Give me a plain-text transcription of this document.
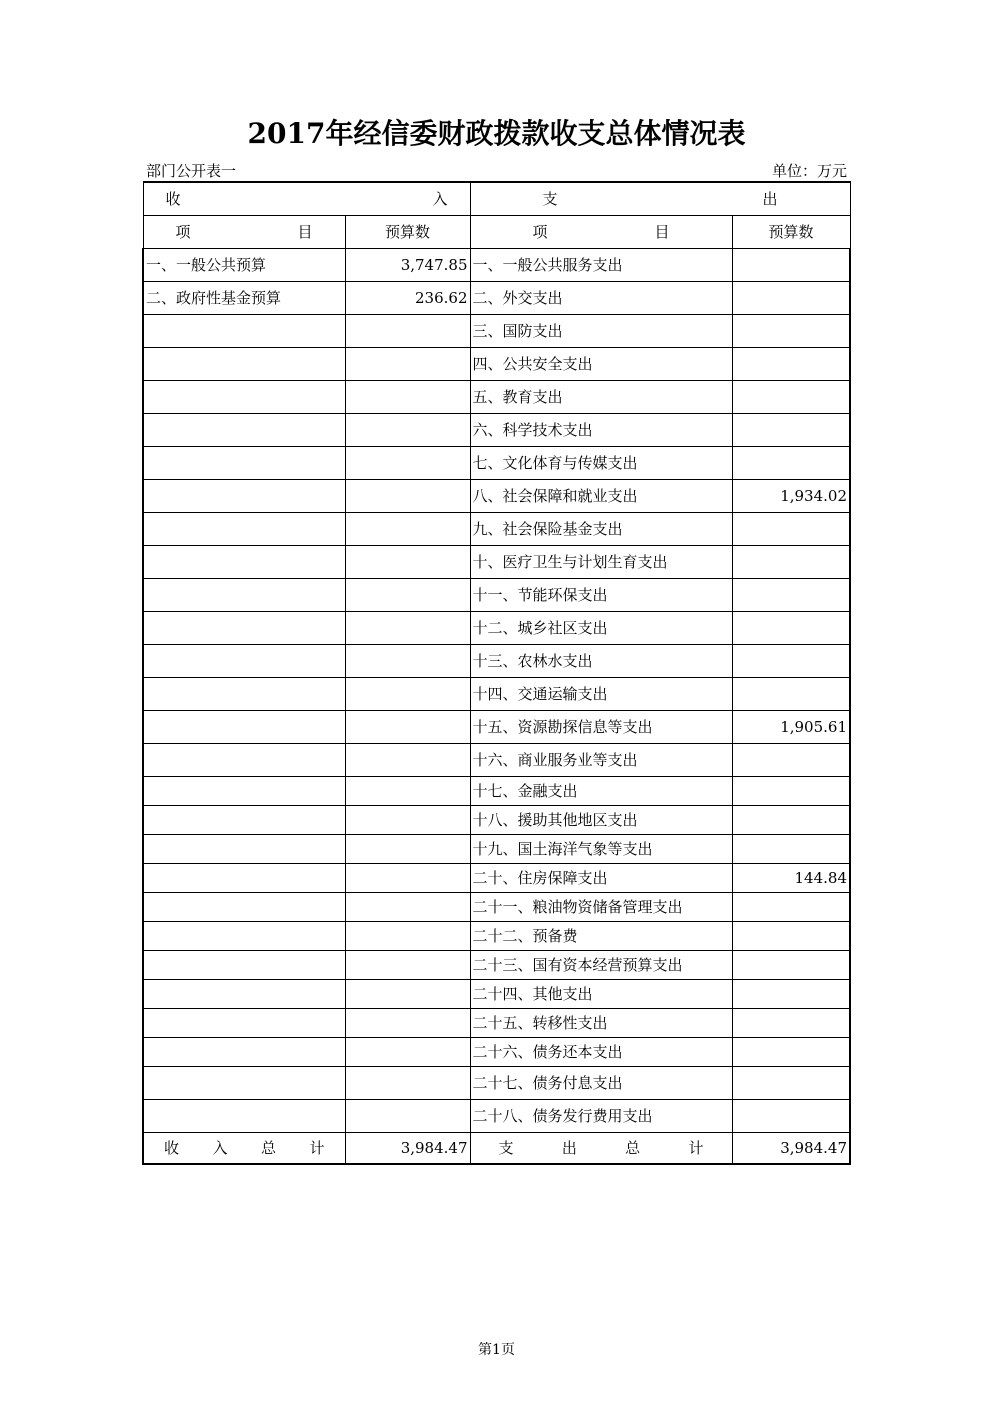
2017年经信委财政拨款收支总体情况表
部门公开表一	单位：万元
收 入		支 出	

项 目	预算数	项 目	预算数
一、一般公共预算	3,747.85	一、一般公共服务支出	
二、政府性基金预算	236.62	二、外交支出	
		三、国防支出	
		四、公共安全支出	
		五、教育支出	
		六、科学技术支出	
		七、文化体育与传媒支出	
		八、社会保障和就业支出	1,934.02
		九、社会保险基金支出	
		十、医疗卫生与计划生育支出	
		十一、节能环保支出	
		十二、城乡社区支出	
		十三、农林水支出	
		十四、交通运输支出	
		十五、资源勘探信息等支出	1,905.61
		十六、商业服务业等支出	
		十七、金融支出	
		十八、援助其他地区支出	
		十九、国土海洋气象等支出	
		二十、住房保障支出	144.84
		二十一、粮油物资储备管理支出	
		二十二、预备费	
		二十三、国有资本经营预算支出	
		二十四、其他支出	
		二十五、转移性支出	
		二十六、债务还本支出	
		二十七、债务付息支出	
		二十八、债务发行费用支出	

收 入 总 计	3,984.47	支 出 总 计	3,984.47
第1页
